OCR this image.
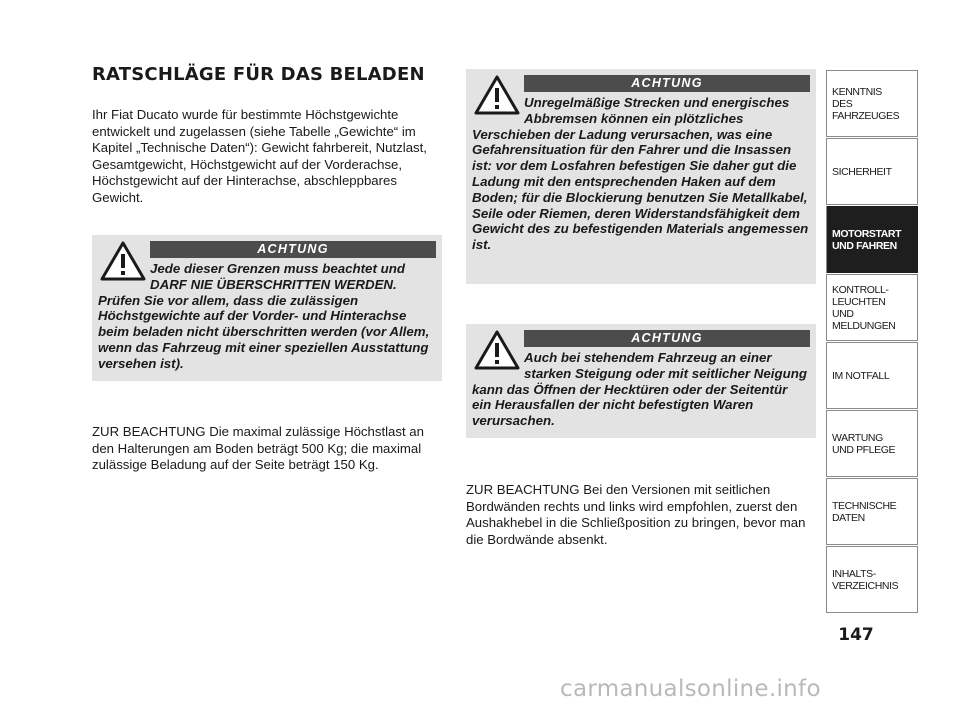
RATSCHLÄGE FÜR DAS BELADEN

Ihr Fiat Ducato wurde für bestimmte Höchstgewichte entwickelt und zugelassen (siehe Tabelle „Gewichte“ im Kapitel „Technische Daten“): Gewicht fahrbereit, Nutzlast, Gesamtgewicht, Höchstgewicht auf der Vorderachse, Höchstgewicht auf der Hinterachse, abschleppbares Gewicht.

ACHTUNG

Jede dieser Grenzen muss beachtet und DARF NIE ÜBERSCHRITTEN WERDEN. Prüfen Sie vor allem, dass die zulässigen Höchstgewichte auf der Vorder- und Hinterachse beim beladen nicht überschritten werden (vor Allem, wenn das Fahrzeug mit einer speziellen Ausstattung versehen ist).

ZUR BEACHTUNG Die maximal zulässige Höchstlast an den Halterungen am Boden beträgt 500 Kg; die maximal zulässige Beladung auf der Seite beträgt 150 Kg.

ACHTUNG

Unregelmäßige Strecken und energisches Abbremsen können ein plötzliches Verschieben der Ladung verursachen, was eine Gefahrensituation für den Fahrer und die Insassen ist: vor dem Losfahren befestigen Sie daher gut die Ladung mit den entsprechenden Haken auf dem Boden; für die Blockierung benutzen Sie Metallkabel, Seile oder Riemen, deren Widerstandsfähigkeit dem Gewicht des zu befestigenden Materials angemessen ist.

ACHTUNG

Auch bei stehendem Fahrzeug an einer starken Steigung oder mit seitlicher Neigung kann das Öffnen der Hecktüren oder der Seitentür ein Herausfallen der nicht befestigten Waren verursachen.

ZUR BEACHTUNG Bei den Versionen mit seitlichen Bordwänden rechts und links wird empfohlen, zuerst den Aushakhebel in die Schließposition zu bringen, bevor man die Bordwände absenkt.

KENNTNIS
DES FAHRZEUGES
SICHERHEIT
MOTORSTART
UND FAHREN
KONTROLL-
LEUCHTEN
UND MELDUNGEN
IM NOTFALL
WARTUNG
UND PFLEGE
TECHNISCHE
DATEN
INHALTS-
VERZEICHNIS
147
carmanualsonline.info
